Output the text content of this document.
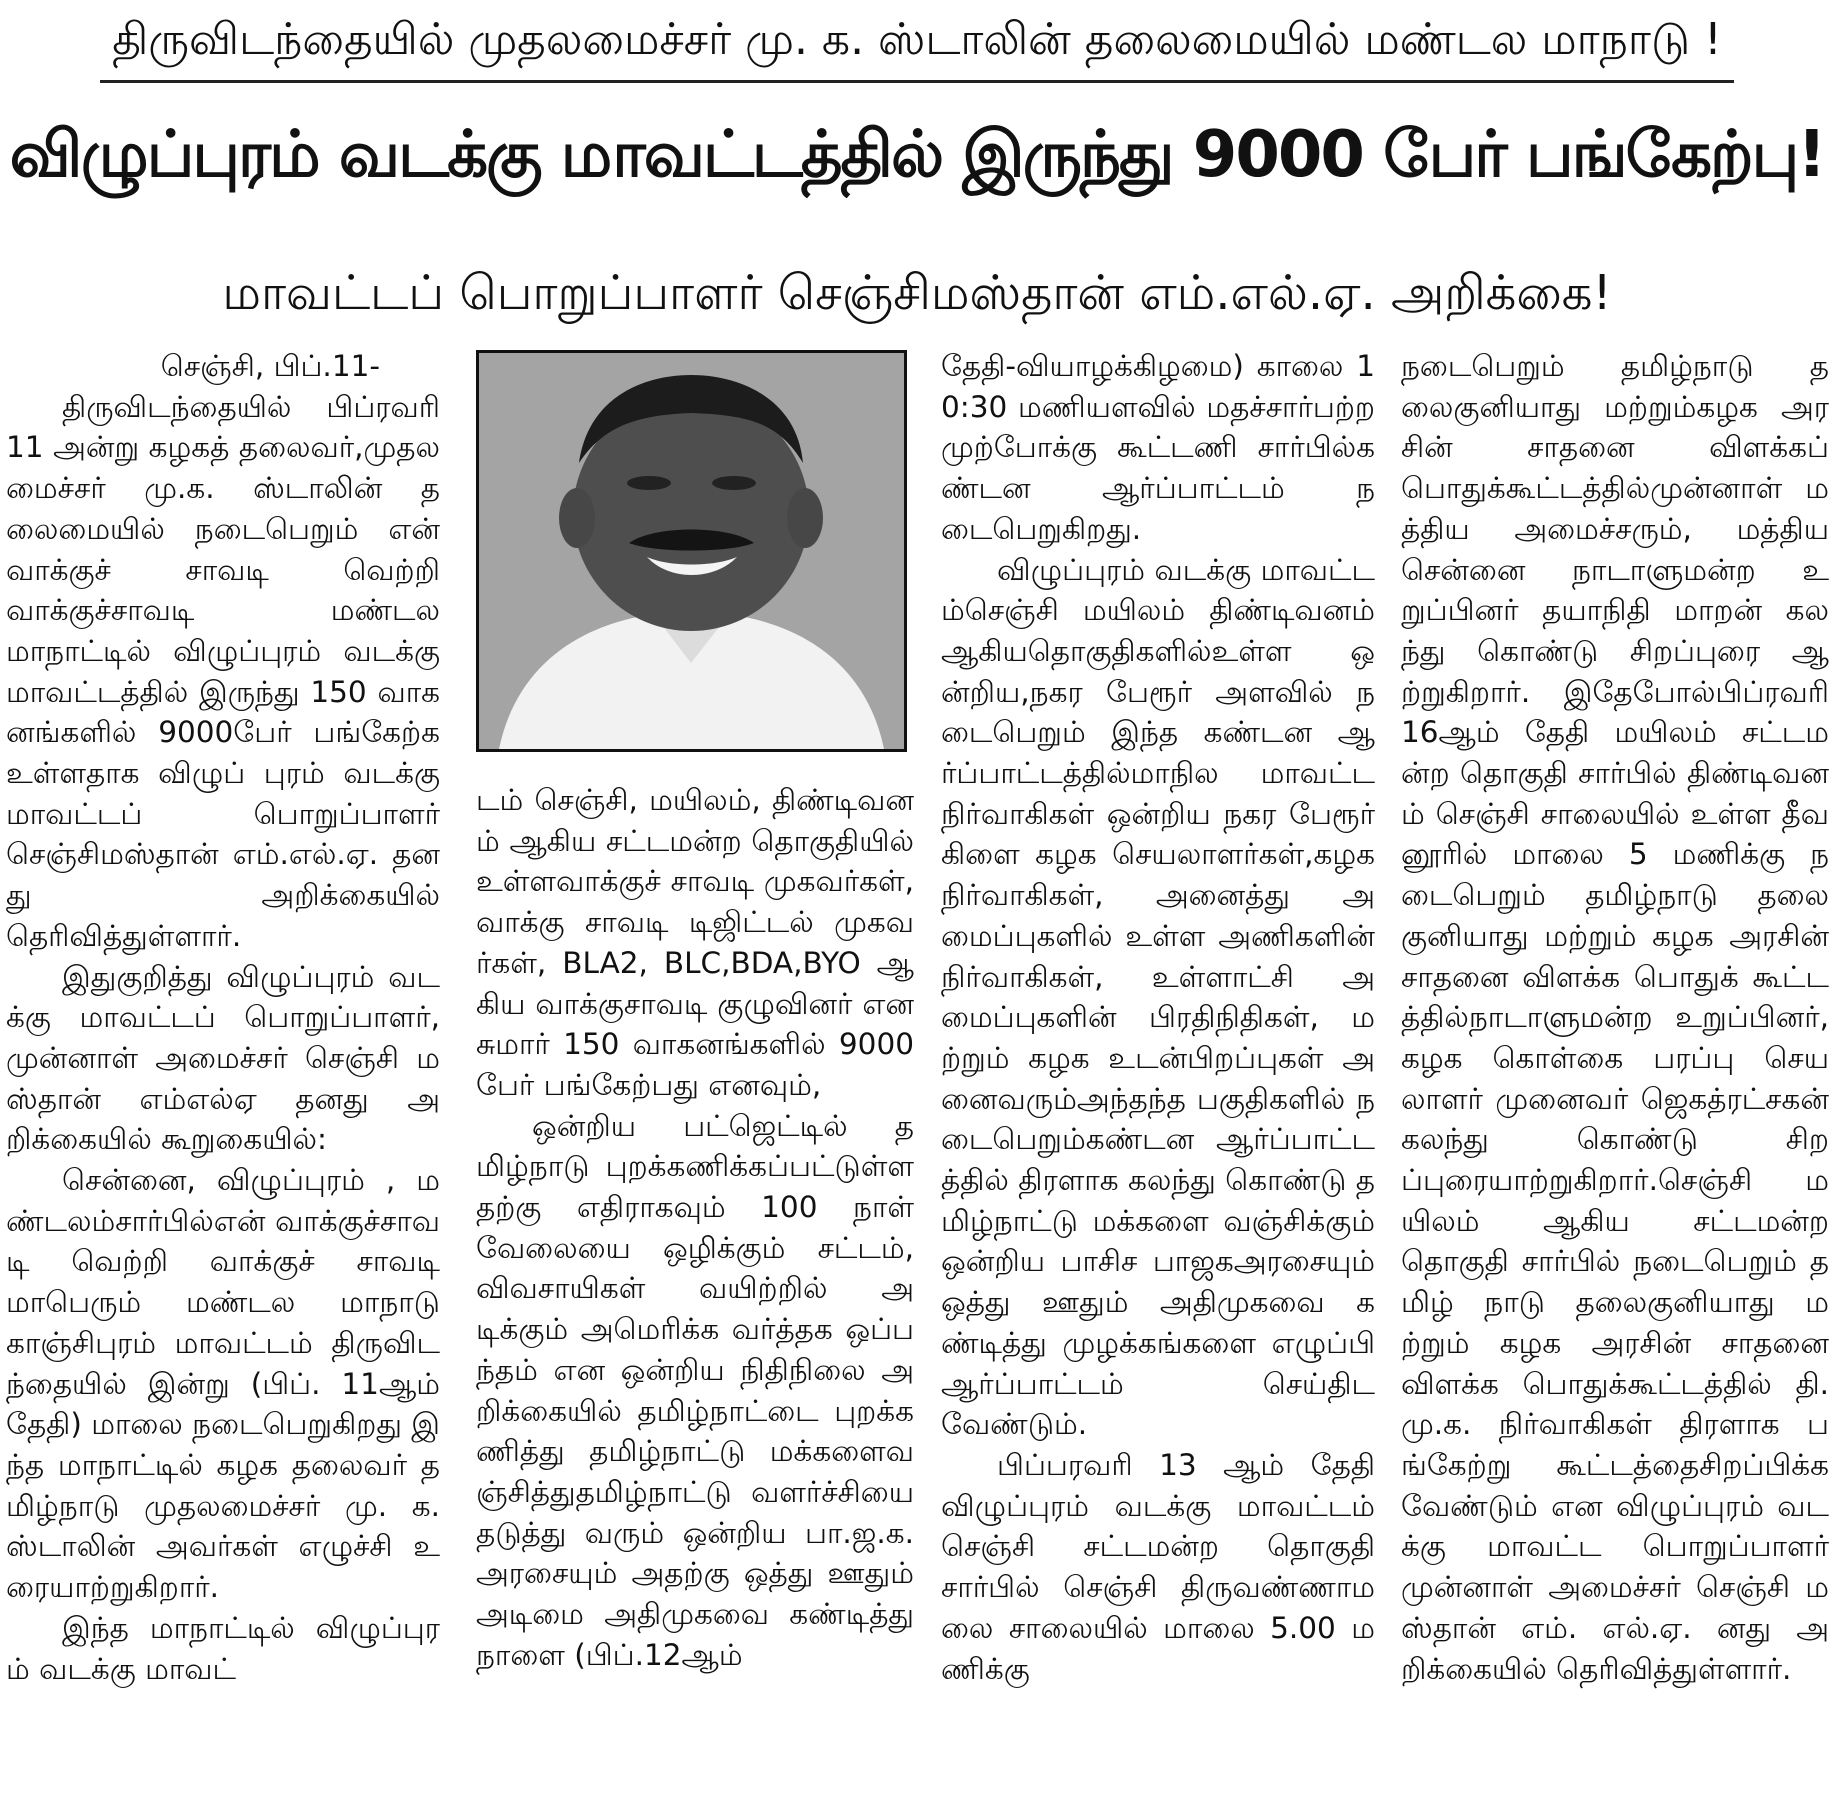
திருவிடந்தையில் முதலமைச்சர் மு. க. ஸ்டாலின் தலைமையில் மண்டல மாநாடு !
விழுப்புரம் வடக்கு மாவட்டத்தில் இருந்து 9000 பேர் பங்கேற்பு!
மாவட்டப் பொறுப்பாளர் செஞ்சிமஸ்தான் எம்.எல்.ஏ. அறிக்கை!

செஞ்சி, பிப்.11-

திருவிடந்தையில் பிப்ரவரி 11 அன்று கழகத் தலைவர்,முதலமைச்சர் மு.க. ஸ்டாலின் தலைமையில் நடைபெறும் என் வாக்குச் சாவடி வெற்றி வாக்குச்சாவடி மண்டல மாநாட்டில் விழுப்புரம் வடக்கு மாவட்டத்தில் இருந்து 150 வாகனங்களில் 9000பேர் பங்கேற்க உள்ளதாக விழுப் புரம் வடக்கு மாவட்டப் பொறுப்பாளர் செஞ்சிமஸ்தான் எம்.எல்.ஏ. தனது அறிக்கையில் தெரிவித்துள்ளார்.

இதுகுறித்து விழுப்புரம் வடக்கு மாவட்டப் பொறுப்பாளர்,முன்னாள் அமைச்சர் செஞ்சி மஸ்தான் எம்எல்ஏ தனது அறிக்கையில் கூறுகையில்:

சென்னை, விழுப்புரம் , மண்டலம்சார்பில்என் வாக்குச்சாவடி வெற்றி வாக்குச் சாவடி மாபெரும் மண்டல மாநாடு காஞ்சிபுரம் மாவட்டம் திருவிடந்தையில் இன்று (பிப். 11ஆம் தேதி) மாலை நடைபெறுகிறது இந்த மாநாட்டில் கழக தலைவர் தமிழ்நாடு முதலமைச்சர் மு. க. ஸ்டாலின் அவர்கள் எழுச்சி உரையாற்றுகிறார்.

இந்த மாநாட்டில் விழுப்புரம் வடக்கு மாவட்

டம் செஞ்சி, மயிலம், திண்டிவனம் ஆகிய சட்டமன்ற தொகுதியில் உள்ளவாக்குச் சாவடி முகவர்கள்,வாக்கு சாவடி டிஜிட்டல் முகவர்கள், BLA2, BLC,BDA,BYO ஆகிய வாக்குசாவடி குழுவினர் என சுமார் 150 வாகனங்களில் 9000 பேர் பங்கேற்பது எனவும்,

ஒன்றிய பட்ஜெட்டில் தமிழ்நாடு புறக்கணிக்கப்பட்டுள்ளதற்கு எதிராகவும் 100 நாள் வேலையை ஒழிக்கும் சட்டம், விவசாயிகள் வயிற்றில் அடிக்கும் அமெரிக்க வர்த்தக ஒப்பந்தம் என ஒன்றிய நிதிநிலை அறிக்கையில் தமிழ்நாட்டை புறக்கணித்து தமிழ்நாட்டு மக்களைவஞ்சித்துதமிழ்நாட்டு வளர்ச்சியை தடுத்து வரும் ஒன்றிய பா.ஜ.க. அரசையும் அதற்கு ஒத்து ஊதும் அடிமை அதிமுகவை கண்டித்து நாளை (பிப்.12ஆம்

தேதி-வியாழக்கிழமை) காலை 10:30 மணியளவில் மதச்சார்பற்ற முற்போக்கு கூட்டணி சார்பில்கண்டன ஆர்ப்பாட்டம் நடைபெறுகிறது.

விழுப்புரம் வடக்கு மாவட்டம்செஞ்சி மயிலம் திண்டிவனம் ஆகியதொகுதிகளில்உள்ள ஒன்றிய,நகர பேரூர் அளவில் நடைபெறும் இந்த கண்டன ஆர்ப்பாட்டத்தில்மாநில மாவட்ட நிர்வாகிகள் ஒன்றிய நகர பேரூர் கிளை கழக செயலாளர்கள்,கழக நிர்வாகிகள், அனைத்து அமைப்புகளில் உள்ள அணிகளின் நிர்வாகிகள், உள்ளாட்சி அமைப்புகளின் பிரதிநிதிகள், மற்றும் கழக உடன்பிறப்புகள் அனைவரும்அந்தந்த பகுதிகளில் நடைபெறும்கண்டன ஆர்ப்பாட்டத்தில் திரளாக கலந்து கொண்டு தமிழ்நாட்டு மக்களை வஞ்சிக்கும் ஒன்றிய பாசிச பாஜகஅரசையும் ஒத்து ஊதும் அதிமுகவை கண்டித்து முழக்கங்களை எழுப்பி ஆர்ப்பாட்டம் செய்திட வேண்டும்.

பிப்பரவரி 13 ஆம் தேதி விழுப்புரம் வடக்கு மாவட்டம் செஞ்சி சட்டமன்ற தொகுதி சார்பில் செஞ்சி திருவண்ணாமலை சாலையில் மாலை 5.00 மணிக்கு

நடைபெறும் தமிழ்நாடு தலைகுனியாது மற்றும்கழக அரசின் சாதனை விளக்கப் பொதுக்கூட்டத்தில்முன்னாள் மத்திய அமைச்சரும், மத்திய சென்னை நாடாளுமன்ற உறுப்பினர் தயாநிதி மாறன் கலந்து கொண்டு சிறப்புரை ஆற்றுகிறார். இதேபோல்பிப்ரவரி 16ஆம் தேதி மயிலம் சட்டமன்ற தொகுதி சார்பில் திண்டிவனம் செஞ்சி சாலையில் உள்ள தீவனூரில் மாலை 5 மணிக்கு நடைபெறும் தமிழ்நாடு தலை குனியாது மற்றும் கழக அரசின் சாதனை விளக்க பொதுக் கூட்டத்தில்நாடாளுமன்ற உறுப்பினர்,கழக கொள்கை பரப்பு செயலாளர் முனைவர் ஜெகத்ரட்சகன் கலந்து கொண்டு சிறப்புரையாற்றுகிறார்.செஞ்சி மயிலம் ஆகிய சட்டமன்ற தொகுதி சார்பில் நடைபெறும் தமிழ் நாடு தலைகுனியாது மற்றும் கழக அரசின் சாதனை விளக்க பொதுக்கூட்டத்தில் தி.மு.க. நிர்வாகிகள் திரளாக பங்கேற்று கூட்டத்தைசிறப்பிக்க வேண்டும் என விழுப்புரம் வடக்கு மாவட்ட பொறுப்பாளர் முன்னாள் அமைச்சர் செஞ்சி மஸ்தான் எம். எல்.ஏ. னது அறிக்கையில் தெரிவித்துள்ளார்.
